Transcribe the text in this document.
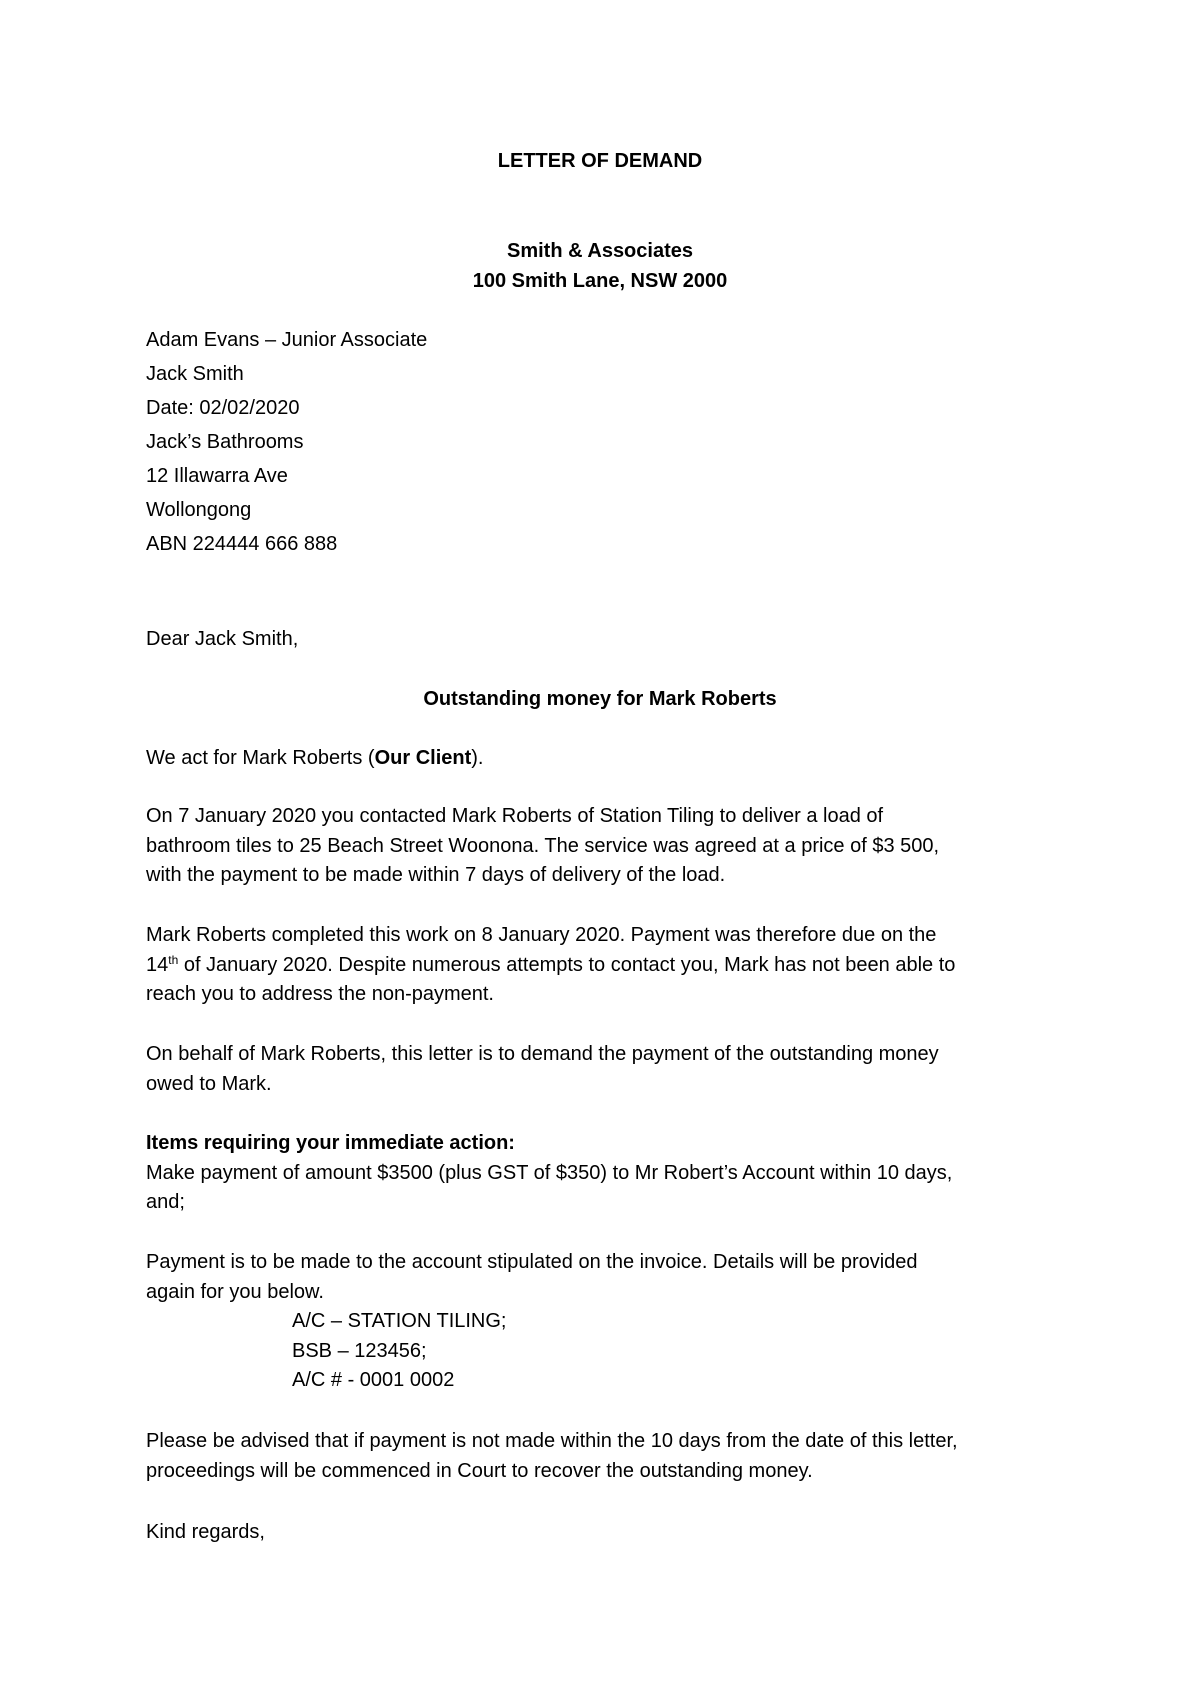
LETTER OF DEMAND
Smith & Associates
100 Smith Lane, NSW 2000
Adam Evans – Junior Associate
Jack Smith
Date: 02/02/2020
Jack’s Bathrooms
12 Illawarra Ave
Wollongong
ABN 224444 666 888
Dear Jack Smith,
Outstanding money for Mark Roberts
We act for Mark Roberts (Our Client).
On 7 January 2020 you contacted Mark Roberts of Station Tiling to deliver a load of
bathroom tiles to 25 Beach Street Woonona. The service was agreed at a price of $3 500,
with the payment to be made within 7 days of delivery of the load.
Mark Roberts completed this work on 8 January 2020. Payment was therefore due on the
14th of January 2020. Despite numerous attempts to contact you, Mark has not been able to
reach you to address the non-payment.
On behalf of Mark Roberts, this letter is to demand the payment of the outstanding money
owed to Mark.
Items requiring your immediate action:
Make payment of amount $3500 (plus GST of $350) to Mr Robert’s Account within 10 days,
and;
Payment is to be made to the account stipulated on the invoice. Details will be provided
again for you below.
A/C – STATION TILING;
BSB – 123456;
A/C # - 0001 0002
Please be advised that if payment is not made within the 10 days from the date of this letter,
proceedings will be commenced in Court to recover the outstanding money.
Kind regards,
